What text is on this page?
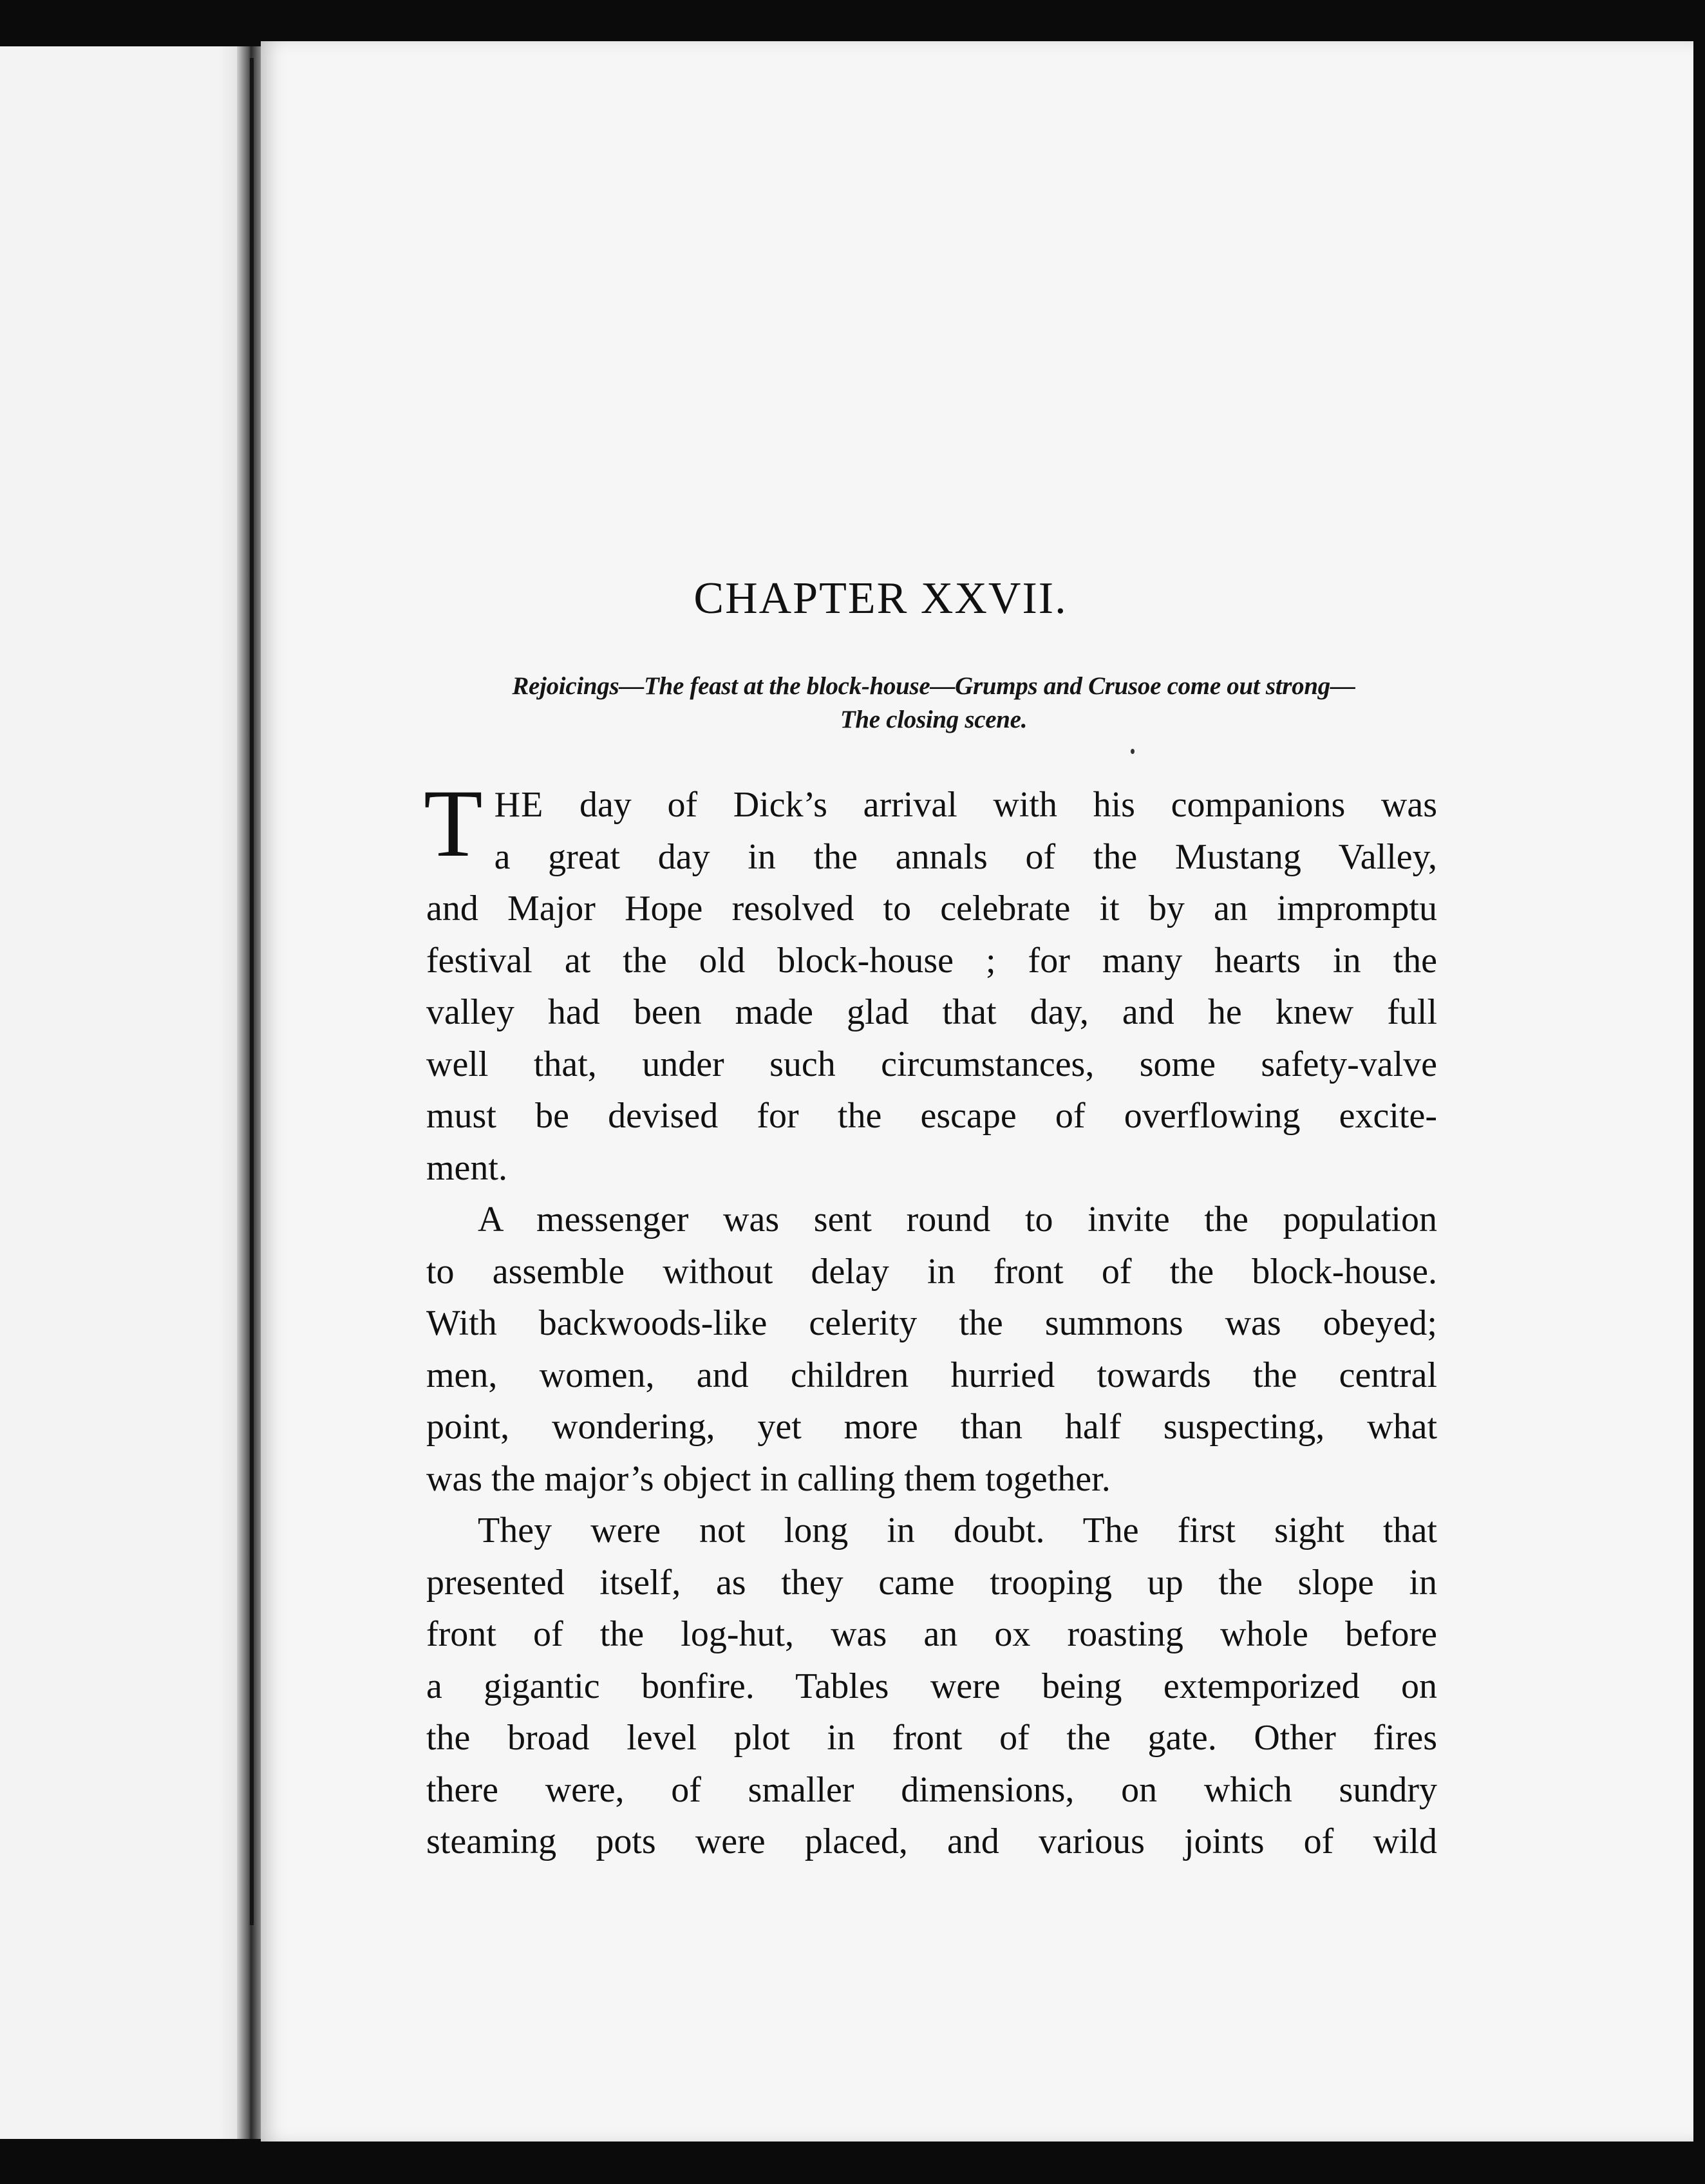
CHAPTER XXVII.
Rejoicings—The feast at the block-house—Grumps and Crusoe come out strong—
The closing scene.

T HE day of Dick’s arrival with his companions was
a great day in the annals of the Mustang Valley,
and Major Hope resolved to celebrate it by an impromptu
festival at the old block-house ; for many hearts in the
valley had been made glad that day, and he knew full
well that, under such circumstances, some safety-valve
must be devised for the escape of overflowing excite-
ment.

A messenger was sent round to invite the population
to assemble without delay in front of the block-house.
With backwoods-like celerity the summons was obeyed;
men, women, and children hurried towards the central
point, wondering, yet more than half suspecting, what
was the major’s object in calling them together.

They were not long in doubt. The first sight that
presented itself, as they came trooping up the slope in
front of the log-hut, was an ox roasting whole before
a gigantic bonfire. Tables were being extemporized on
the broad level plot in front of the gate. Other fires
there were, of smaller dimensions, on which sundry
steaming pots were placed, and various joints of wild
